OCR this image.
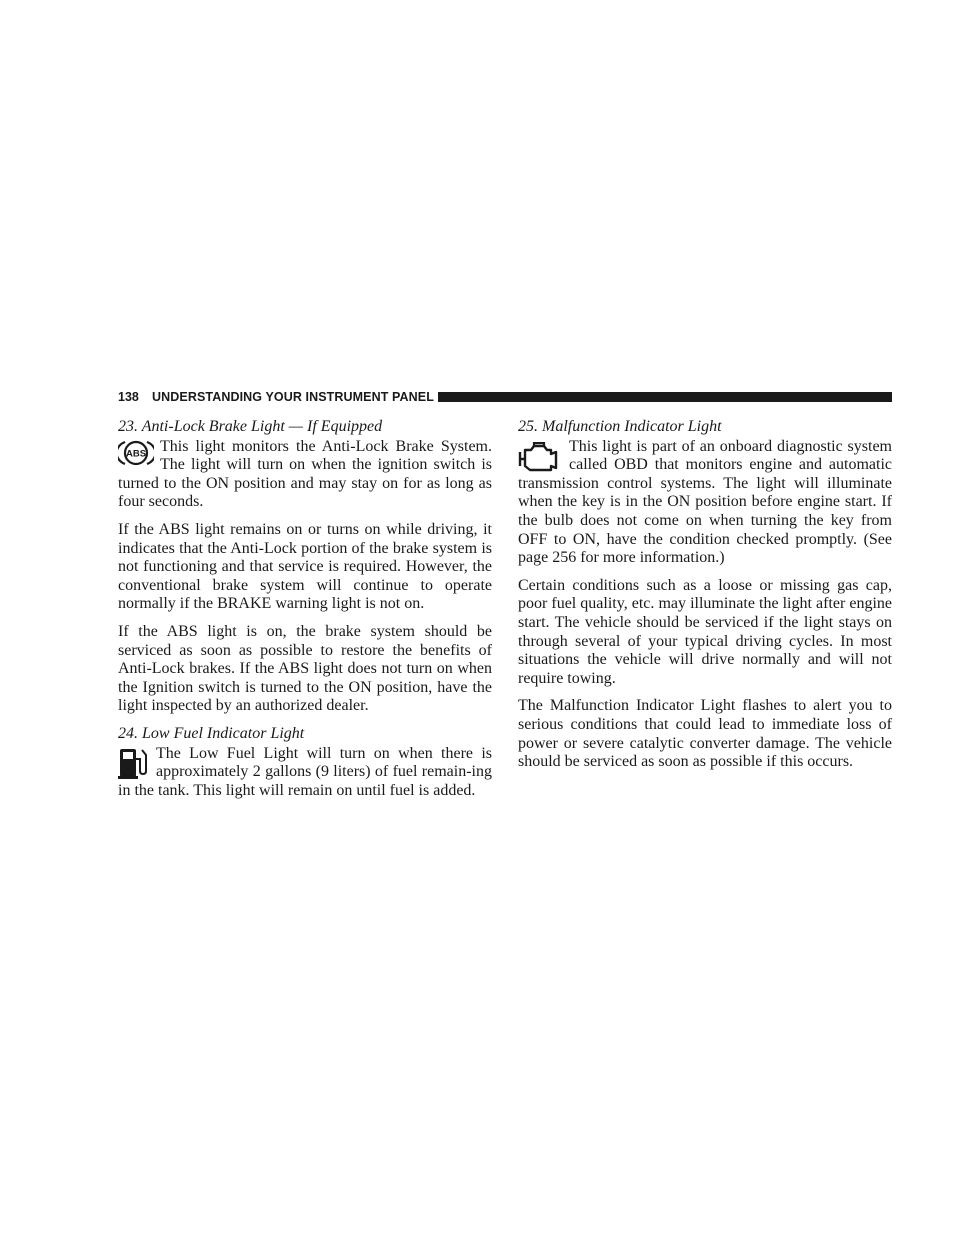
138 UNDERSTANDING YOUR INSTRUMENT PANEL
23. Anti-Lock Brake Light — If Equipped
ABS This light monitors the Anti-Lock Brake System. The light will turn on when the ignition switch is turned to the ON position and may stay on for as long as four seconds.

If the ABS light remains on or turns on while driving, it indicates that the Anti-Lock portion of the brake system is not functioning and that service is required. However, the conventional brake system will continue to operate normally if the BRAKE warning light is not on.

If the ABS light is on, the brake system should be serviced as soon as possible to restore the benefits of Anti-Lock brakes. If the ABS light does not turn on when the Ignition switch is turned to the ON position, have the light inspected by an authorized dealer.

24. Low Fuel Indicator Light
The Low Fuel Light will turn on when there is approximately 2 gallons (9 liters) of fuel remain-ing in the tank. This light will remain on until fuel is added.
25. Malfunction Indicator Light
This light is part of an onboard diagnostic system called OBD that monitors engine and automatic transmission control systems. The light will illuminate when the key is in the ON position before engine start. If the bulb does not come on when turning the key from OFF to ON, have the condition checked promptly. (See page 256 for more information.)

Certain conditions such as a loose or missing gas cap, poor fuel quality, etc. may illuminate the light after engine start. The vehicle should be serviced if the light stays on through several of your typical driving cycles. In most situations the vehicle will drive normally and will not require towing.

The Malfunction Indicator Light flashes to alert you to serious conditions that could lead to immediate loss of power or severe catalytic converter damage. The vehicle should be serviced as soon as possible if this occurs.
